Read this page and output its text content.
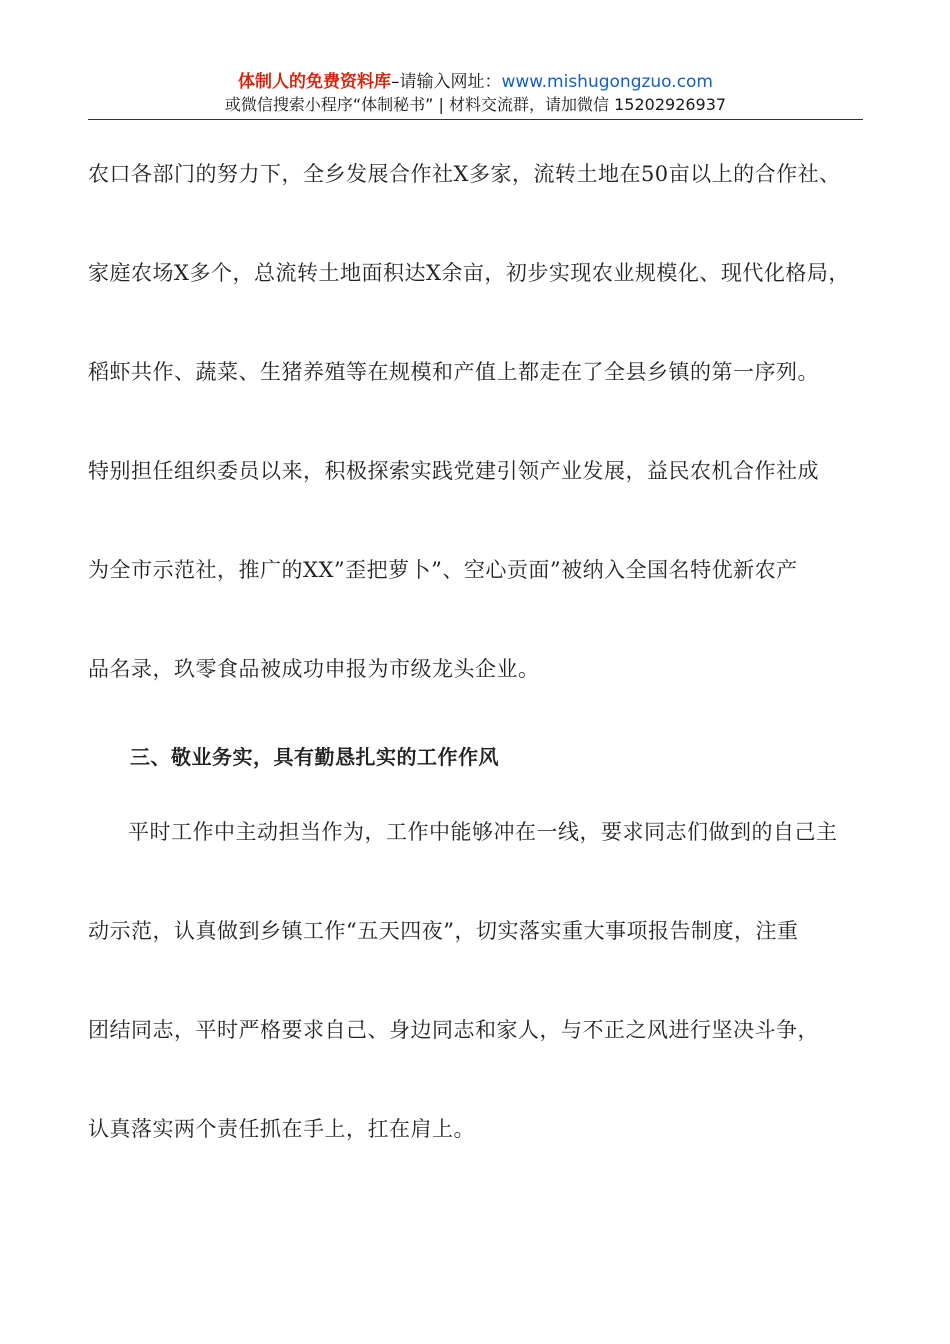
体制人的免费资料库–请输入网址：www.mishugongzuo.com
或微信搜索小程序“体制秘书” | 材料交流群，请加微信 15202926937
农口各部门的努力下，全乡发展合作社X多家，流转土地在50亩以上的合作社、
家庭农场X多个，总流转土地面积达X余亩，初步实现农业规模化、现代化格局，
稻虾共作、蔬菜、生猪养殖等在规模和产值上都走在了全县乡镇的第一序列。
特别担任组织委员以来，积极探索实践党建引领产业发展，益民农机合作社成
为全市示范社，推广的XX”歪把萝卜”、空心贡面”被纳入全国名特优新农产
品名录，玖零食品被成功申报为市级龙头企业。
三、敬业务实，具有勤恳扎实的工作作风
平时工作中主动担当作为，工作中能够冲在一线，要求同志们做到的自己主
动示范，认真做到乡镇工作“五天四夜”，切实落实重大事项报告制度，注重
团结同志，平时严格要求自己、身边同志和家人，与不正之风进行坚决斗争，
认真落实两个责任抓在手上，扛在肩上。
